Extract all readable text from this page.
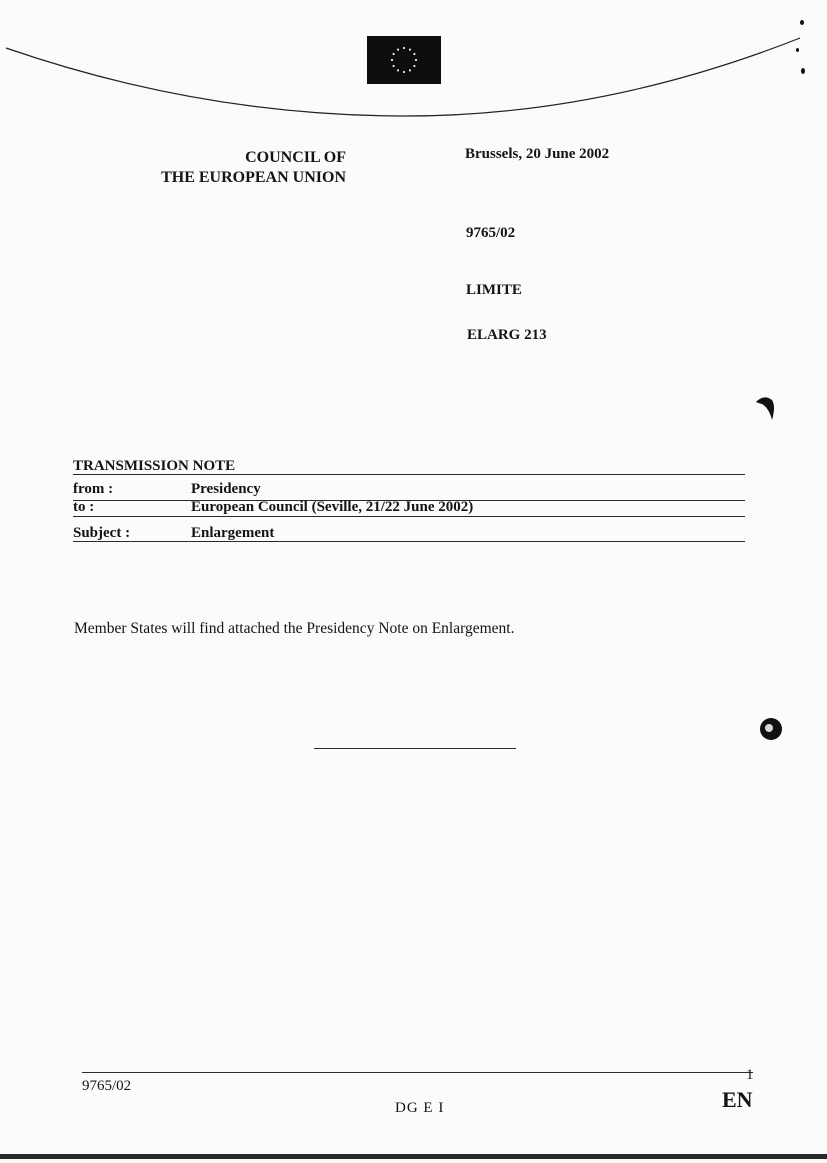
COUNCIL OF
THE EUROPEAN UNION
Brussels, 20 June 2002
9765/02
LIMITE
ELARG 213
TRANSMISSION NOTE
from :	Presidency
to :	European Council (Seville, 21/22 June 2002)
Subject :	Enlargement
Member States will find attached the Presidency Note on Enlargement.
9765/02
1
DG E I	EN
